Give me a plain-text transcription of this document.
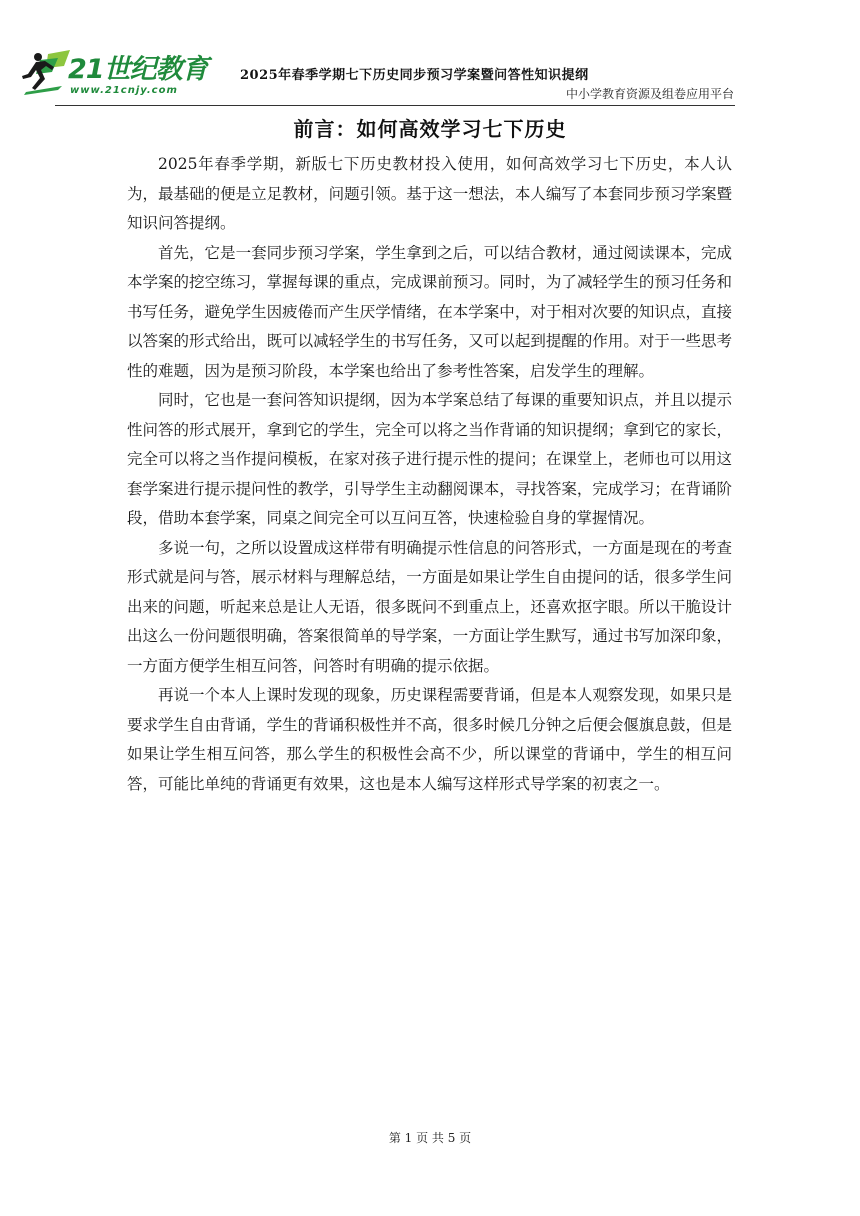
21世纪教育
www.21cnjy.com
2025年春季学期七下历史同步预习学案暨问答性知识提纲
中小学教育资源及组卷应用平台
前言：如何高效学习七下历史

2025年春季学期，新版七下历史教材投入使用，如何高效学习七下历史，本人认为，最基础的便是立足教材，问题引领。基于这一想法，本人编写了本套同步预习学案暨知识问答提纲。

首先，它是一套同步预习学案，学生拿到之后，可以结合教材，通过阅读课本，完成本学案的挖空练习，掌握每课的重点，完成课前预习。同时，为了减轻学生的预习任务和书写任务，避免学生因疲倦而产生厌学情绪，在本学案中，对于相对次要的知识点，直接以答案的形式给出，既可以减轻学生的书写任务，又可以起到提醒的作用。对于一些思考性的难题，因为是预习阶段，本学案也给出了参考性答案，启发学生的理解。

同时，它也是一套问答知识提纲，因为本学案总结了每课的重要知识点，并且以提示性问答的形式展开，拿到它的学生，完全可以将之当作背诵的知识提纲；拿到它的家长，完全可以将之当作提问模板，在家对孩子进行提示性的提问；在课堂上，老师也可以用这套学案进行提示提问性的教学，引导学生主动翻阅课本，寻找答案，完成学习；在背诵阶段，借助本套学案，同桌之间完全可以互问互答，快速检验自身的掌握情况。

多说一句，之所以设置成这样带有明确提示性信息的问答形式，一方面是现在的考查形式就是问与答，展示材料与理解总结，一方面是如果让学生自由提问的话，很多学生问出来的问题，听起来总是让人无语，很多既问不到重点上，还喜欢抠字眼。所以干脆设计出这么一份问题很明确，答案很简单的导学案，一方面让学生默写，通过书写加深印象，一方面方便学生相互问答，问答时有明确的提示依据。

再说一个本人上课时发现的现象，历史课程需要背诵，但是本人观察发现，如果只是要求学生自由背诵，学生的背诵积极性并不高，很多时候几分钟之后便会偃旗息鼓，但是如果让学生相互问答，那么学生的积极性会高不少，所以课堂的背诵中，学生的相互问答，可能比单纯的背诵更有效果，这也是本人编写这样形式导学案的初衷之一。

第 1 页 共 5 页
